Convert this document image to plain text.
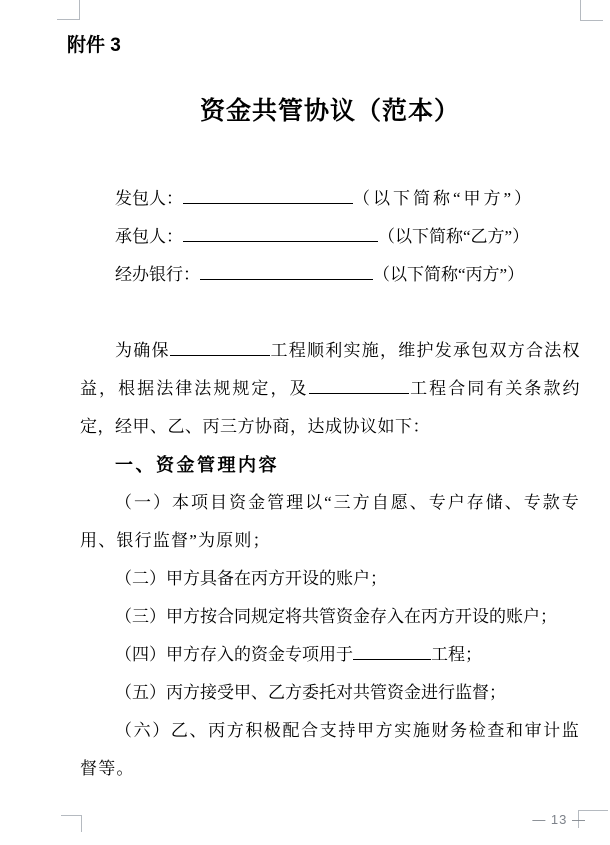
附件 3
资金共管协议（范本）
发包人：	（以下简称“甲方”）
承包人：	（以下简称“乙方”）
经办银行：	（以下简称“丙方”）

为确保	工程顺利实施，维护发承包双方合法权益，根据法律法规规定，及	工程合同有关条款约定，经甲、乙、丙三方协商，达成协议如下：

一、资金管理内容

（一）本项目资金管理以“三方自愿、专户存储、专款专用、银行监督”为原则；

（二）甲方具备在丙方开设的账户；

（三）甲方按合同规定将共管资金存入在丙方开设的账户；

（四）甲方存入的资金专项用于	工程；

（五）丙方接受甲、乙方委托对共管资金进行监督；

（六）乙、丙方积极配合支持甲方实施财务检查和审计监督等。

— 13 —
